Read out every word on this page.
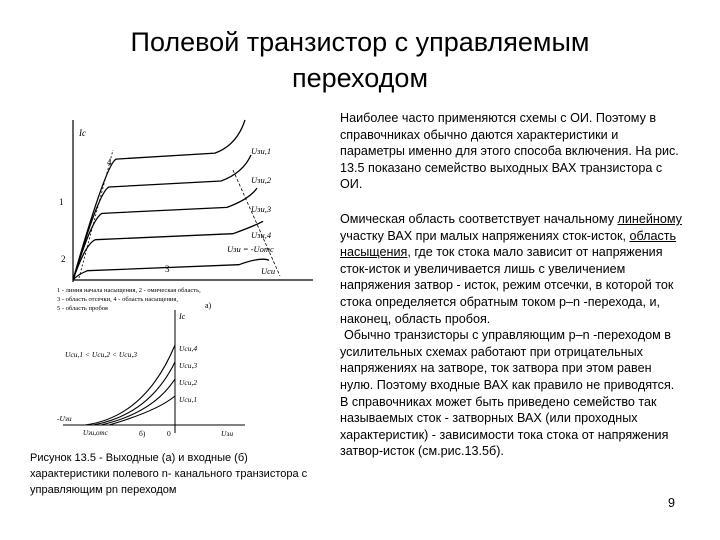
Полевой транзистор с управляемым
переходом

Наиболее часто применяются схемы с ОИ. Поэтому в справочниках обычно даются характеристики и параметры именно для этого способа включения. На рис. 13.5 показано семейство выходных ВАХ транзистора с ОИ.

Омическая область соответствует начальному линейному участку ВАХ при малых напряжениях сток-исток, область насыщения, где ток стока мало зависит от напряжения сток-исток и увеличивается лишь с увеличением напряжения затвор - исток, режим отсечки, в которой ток стока определяется обратным током p–n -перехода, и, наконец, область пробоя.
Обычно транзисторы с управляющим p–n -переходом в усилительных схемах работают при отрицательных напряжениях на затворе, ток затвора при этом равен нулю. Поэтому входные ВАХ как правило не приводятся. В справочниках может быть приведено семейство так называемых сток - затворных ВАХ (или проходных характеристик) - зависимости тока стока от напряжения затвор-исток (см.рис.13.5б).

Iс
1
2
3
4
Uзи,1
Uзи,2
Uзи,3
Uзи,4
Uзи = -Uотс
Uси
1 - линия начала насыщения, 2 - омическая область,
3 - область отсечки, 4 - область насыщения,
5 - область пробоя	а)
Iс
Uси,4
Uси,3
Uси,2
Uси,1
Uси,1 < Uси,2 < Uси,3
-Uзи
Uзи,отс	0	Uзи
б)

Рисунок 13.5 - Выходные (а) и входные (б) характеристики полевого n- канального транзистора с управляющим pn переходом

9
